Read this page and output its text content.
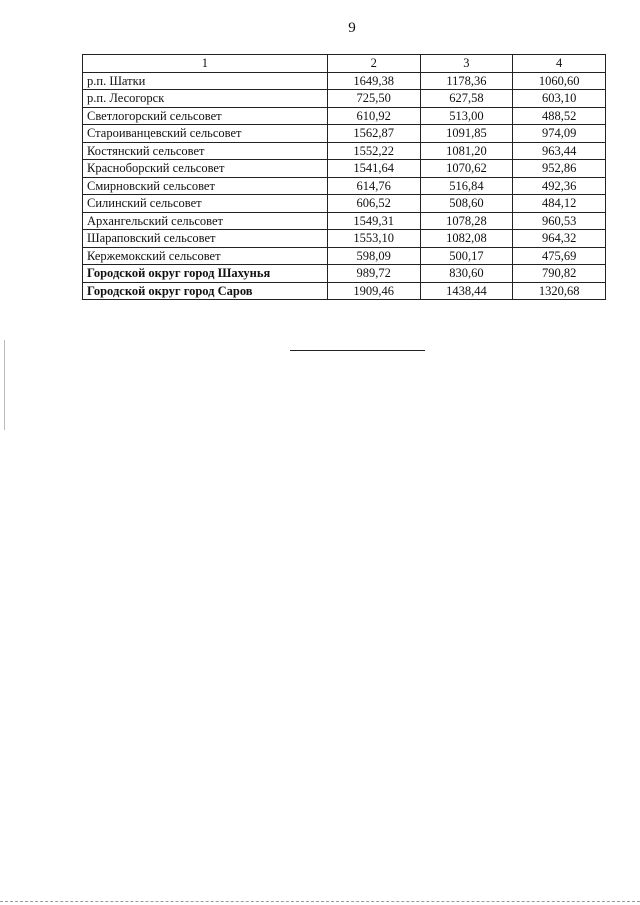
9
1	2	3	4
р.п. Шатки	1649,38	1178,36	1060,60
р.п. Лесогорск	725,50	627,58	603,10
Светлогорский сельсовет	610,92	513,00	488,52
Староиванцевский сельсовет	1562,87	1091,85	974,09
Костянский сельсовет	1552,22	1081,20	963,44
Красноборский сельсовет	1541,64	1070,62	952,86
Смирновский сельсовет	614,76	516,84	492,36
Силинский сельсовет	606,52	508,60	484,12
Архангельский сельсовет	1549,31	1078,28	960,53
Шараповский сельсовет	1553,10	1082,08	964,32
Кержемокский сельсовет	598,09	500,17	475,69
Городской округ город Шахунья	989,72	830,60	790,82
Городской округ город Саров	1909,46	1438,44	1320,68
